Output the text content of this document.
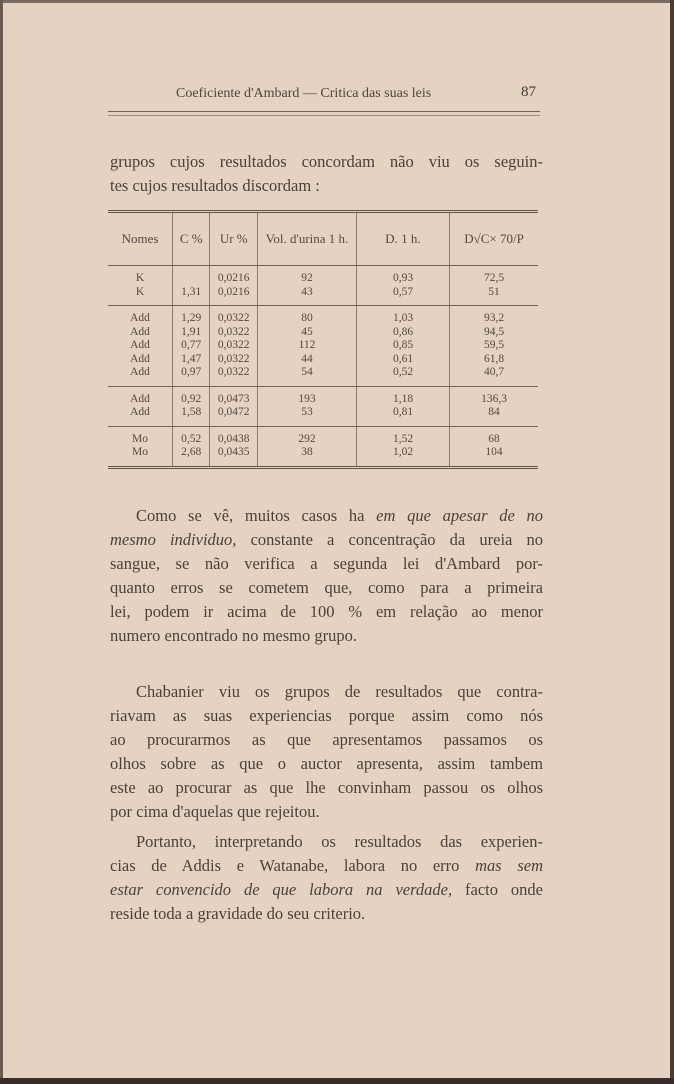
Coeficiente d'Ambard — Critica das suas leis	87
grupos cujos resultados concordam não viu os seguin-
tes cujos resultados discordam :
Nomes	C %	Ur %	Vol. d'urina 1 h.	D. 1 h.	D√C× 70/P
K		0,0216	92	0,93	72,5
K	1,31	0,0216	43	0,57	51
Add	1,29	0,0322	80	1,03	93,2
Add	1,91	0,0322	45	0,86	94,5
Add	0,77	0,0322	112	0,85	59,5
Add	1,47	0,0322	44	0,61	61,8
Add	0,97	0,0322	54	0,52	40,7
Add	0,92	0,0473	193	1,18	136,3
Add	1,58	0,0472	53	0,81	84
Mo	0,52	0,0438	292	1,52	68
Mo	2,68	0,0435	38	1,02	104
Como se vê, muitos casos ha em que apesar de no
mesmo individuo, constante a concentração da ureia no
sangue, se não verifica a segunda lei d'Ambard por-
quanto erros se cometem que, como para a primeira
lei, podem ir acima de 100 % em relação ao menor
numero encontrado no mesmo grupo.
Chabanier viu os grupos de resultados que contra-
riavam as suas experiencias porque assim como nós
ao procurarmos as que apresentamos passamos os
olhos sobre as que o auctor apresenta, assim tambem
este ao procurar as que lhe convinham passou os olhos
por cima d'aquelas que rejeitou.
Portanto, interpretando os resultados das experien-
cias de Addis e Watanabe, labora no erro mas sem
estar convencido de que labora na verdade, facto onde
reside toda a gravidade do seu criterio.
